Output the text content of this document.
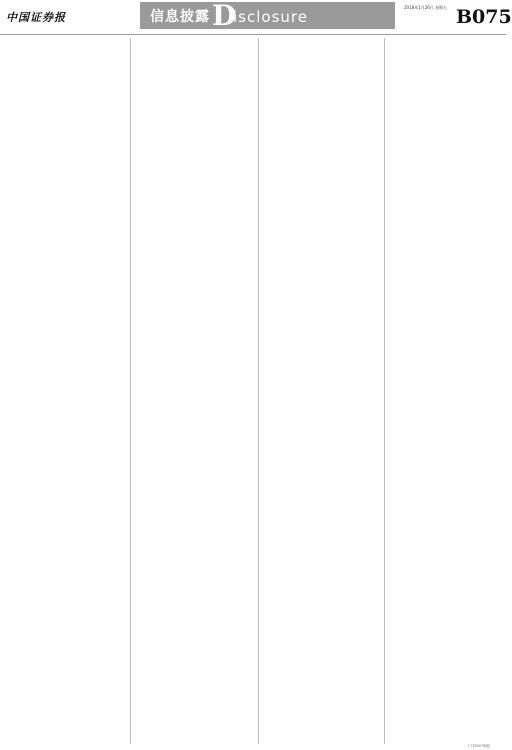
中国证券报	信息披露 D
isclosure
2018年1月26日 星期五 B075
(下转B076版)
